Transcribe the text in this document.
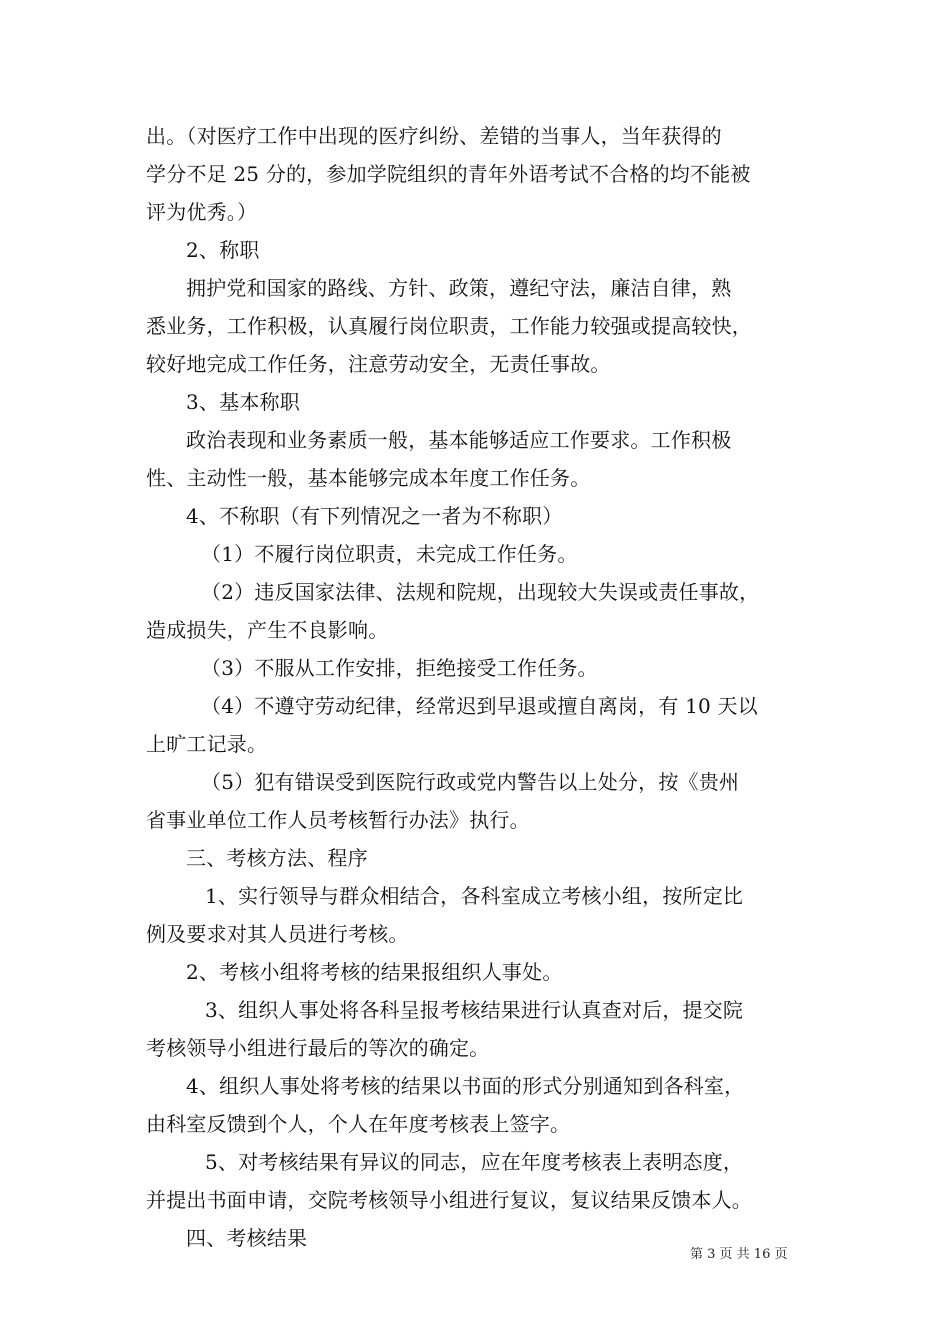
出。（对医疗工作中出现的医疗纠纷、差错的当事人，当年获得的

学分不足 25 分的，参加学院组织的青年外语考试不合格的均不能被

评为优秀。）

2、称职

拥护党和国家的路线、方针、政策，遵纪守法，廉洁自律，熟

悉业务，工作积极，认真履行岗位职责，工作能力较强或提高较快，

较好地完成工作任务，注意劳动安全，无责任事故。

3、基本称职

政治表现和业务素质一般，基本能够适应工作要求。工作积极

性、主动性一般，基本能够完成本年度工作任务。

4、不称职（有下列情况之一者为不称职）

（1）不履行岗位职责，未完成工作任务。

（2）违反国家法律、法规和院规，出现较大失误或责任事故，

造成损失，产生不良影响。

（3）不服从工作安排，拒绝接受工作任务。

（4）不遵守劳动纪律，经常迟到早退或擅自离岗，有 10 天以

上旷工记录。

（5）犯有错误受到医院行政或党内警告以上处分，按《贵州

省事业单位工作人员考核暂行办法》执行。

三、考核方法、程序

1、实行领导与群众相结合，各科室成立考核小组，按所定比

例及要求对其人员进行考核。

2、考核小组将考核的结果报组织人事处。

3、组织人事处将各科呈报考核结果进行认真查对后，提交院

考核领导小组进行最后的等次的确定。

4、组织人事处将考核的结果以书面的形式分别通知到各科室，

由科室反馈到个人，个人在年度考核表上签字。

5、对考核结果有异议的同志，应在年度考核表上表明态度，

并提出书面申请，交院考核领导小组进行复议，复议结果反馈本人。

四、考核结果

第 3 页 共 16 页
